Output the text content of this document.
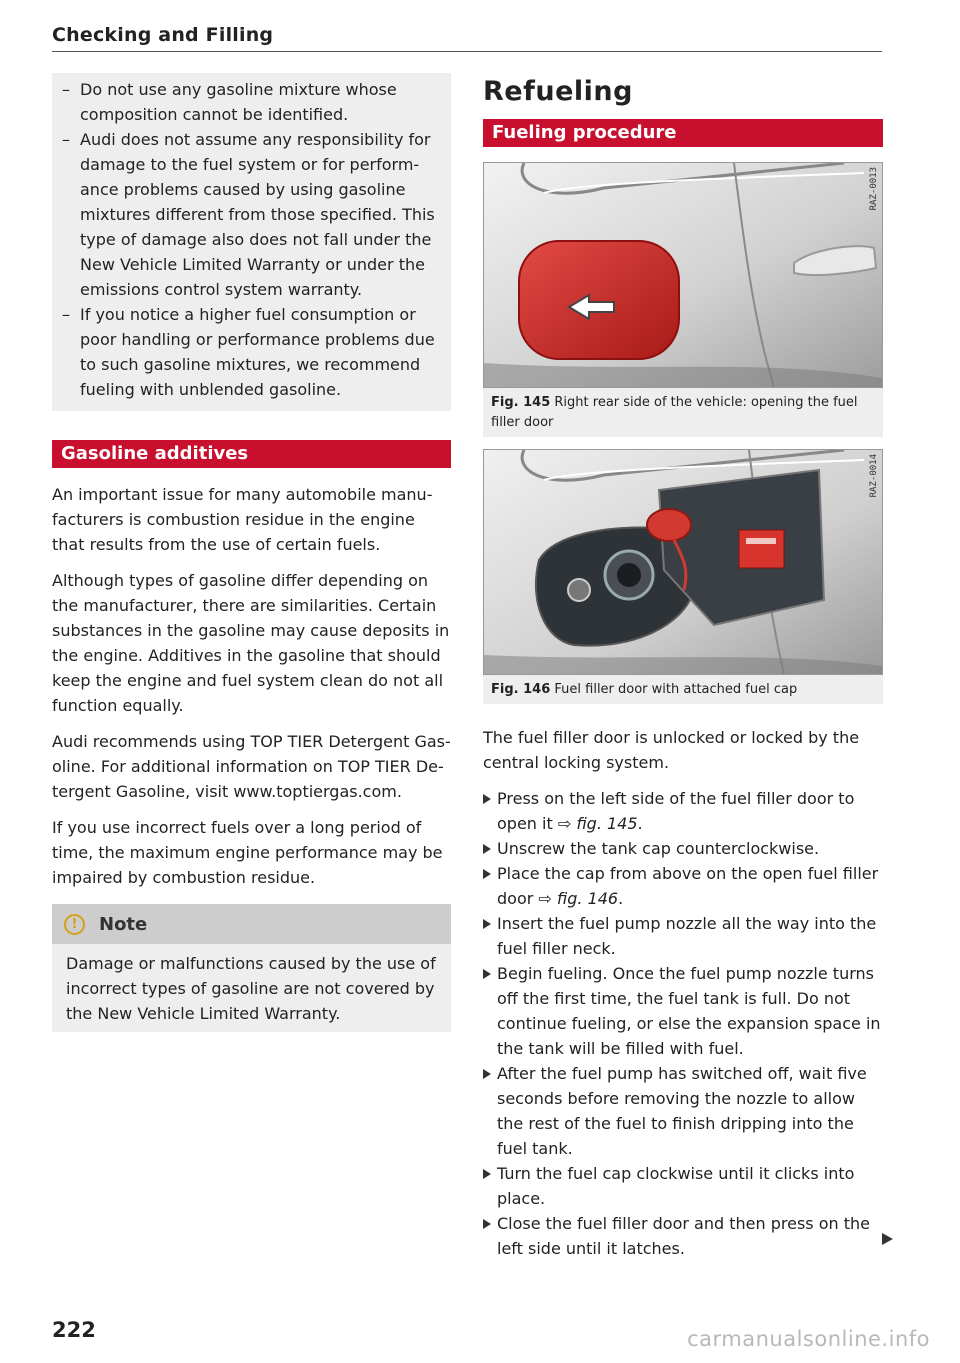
Checking and Filling
– Do not use any gasoline mixture whose composition cannot be identified.
– Audi does not assume any responsibility for damage to the fuel system or for perform- ance problems caused by using gasoline mixtures different from those specified. This type of damage also does not fall under the New Vehicle Limited Warranty or under the emissions control system warranty.
– If you notice a higher fuel consumption or poor handling or performance problems due to such gasoline mixtures, we recommend fueling with unblended gasoline.
Gasoline additives

An important issue for many automobile manu- facturers is combustion residue in the engine that results from the use of certain fuels.

Although types of gasoline differ depending on the manufacturer, there are similarities. Certain substances in the gasoline may cause deposits in the engine. Additives in the gasoline that should keep the engine and fuel system clean do not all function equally.

Audi recommends using TOP TIER Detergent Gas- oline. For additional information on TOP TIER De- tergent Gasoline, visit www.toptiergas.com.

If you use incorrect fuels over a long period of time, the maximum engine performance may be impaired by combustion residue.

!	Note
Damage or malfunctions caused by the use of incorrect types of gasoline are not covered by the New Vehicle Limited Warranty.
Refueling
Fueling procedure
RAZ-0013
Fig. 145 Right rear side of the vehicle: opening the fuel filler door
RAZ-0014
Fig. 146 Fuel filler door with attached fuel cap

The fuel filler door is unlocked or locked by the central locking system.

Press on the left side of the fuel filler door to open it ⇨ fig. 145.
Unscrew the tank cap counterclockwise.
Place the cap from above on the open fuel filler door ⇨ fig. 146.
Insert the fuel pump nozzle all the way into the fuel filler neck.
Begin fueling. Once the fuel pump nozzle turns off the first time, the fuel tank is full. Do not continue fueling, or else the expansion space in the tank will be filled with fuel.
After the fuel pump has switched off, wait five seconds before removing the nozzle to allow the rest of the fuel to finish dripping into the fuel tank.
Turn the fuel cap clockwise until it clicks into place.
Close the fuel filler door and then press on the left side until it latches.
222	carmanualsonline.info
